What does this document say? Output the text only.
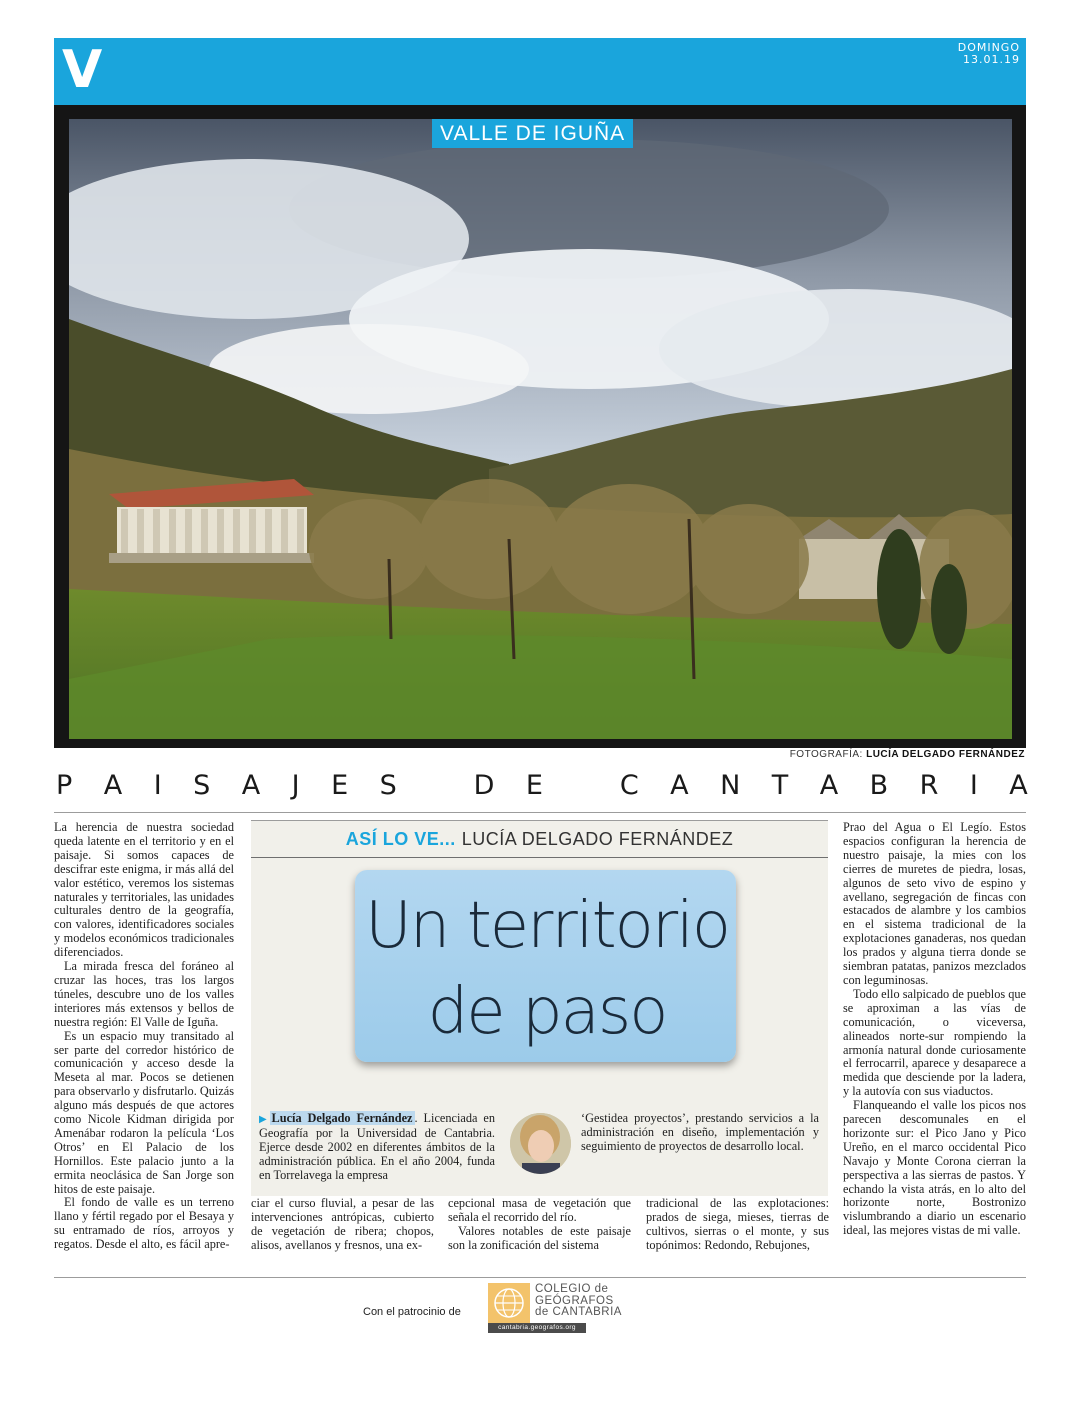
V	DOMINGO
13.01.19
VALLE DE IGUÑA
FOTOGRAFÍA: LUCÍA DELGADO FERNÁNDEZ
P A I S A J E S	D E	C A N T A B R I A

La herencia de nuestra sociedad queda latente en el territorio y en el paisaje. Si somos capaces de descifrar este enigma, ir más allá del valor estético, veremos los sistemas naturales y territoriales, las unidades culturales dentro de la geografía, con valores, identificadores sociales y modelos económicos tradicionales diferenciados.

La mirada fresca del foráneo al cruzar las hoces, tras los largos túneles, descubre uno de los valles interiores más extensos y bellos de nuestra región: El Valle de Iguña.

Es un espacio muy transitado al ser parte del corredor histórico de comunicación y acceso desde la Meseta al mar. Pocos se detienen para observarlo y disfrutarlo. Quizás alguno más después de que actores como Nicole Kidman dirigida por Amenábar rodaron la película ‘Los Otros’ en El Palacio de los Hornillos. Este palacio junto a la ermita neoclásica de San Jorge son hitos de este paisaje.

El fondo de valle es un terreno llano y fértil regado por el Besaya y su entramado de ríos, arroyos y regatos. Desde el alto, es fácil apre-

ASÍ LO VE... LUCÍA DELGADO FERNÁNDEZ
Un territorio
de paso
▶ Lucía Delgado Fernández . Licenciada en Geografía por la Universidad de Cantabria. Ejerce desde 2002 en diferentes ámbitos de la administración pública. En el año 2004, funda en Torrelavega la empresa
‘Gestidea proyectos’, prestando servicios a la administración en diseño, implementación y seguimiento de proyectos de desarrollo local.

ciar el curso fluvial, a pesar de las intervenciones antrópicas, cubierto de vegetación de ribera; chopos, alisos, avellanos y fresnos, una ex-

cepcional masa de vegetación que señala el recorrido del río.

Valores notables de este paisaje son la zonificación del sistema

tradicional de las explotaciones: prados de siega, mieses, tierras de cultivos, sierras o el monte, y sus topónimos: Redondo, Rebujones,

Prao del Agua o El Legío. Estos espacios configuran la herencia de nuestro paisaje, la mies con los cierres de muretes de piedra, losas, algunos de seto vivo de espino y avellano, segregación de fincas con estacados de alambre y los cambios en el sistema tradicional de la explotaciones ganaderas, nos quedan los prados y alguna tierra donde se siembran patatas, panizos mezclados con leguminosas.

Todo ello salpicado de pueblos que se aproximan a las vías de comunicación, o viceversa, alineados norte-sur rompiendo la armonía natural donde curiosamente el ferrocarril, aparece y desaparece a medida que desciende por la ladera, y la autovía con sus viaductos.

Flanqueando el valle los picos nos parecen descomunales en el horizonte sur: el Pico Jano y Pico Ureño, en el marco occidental Pico Navajo y Monte Corona cierran la perspectiva a las sierras de pastos. Y echando la vista atrás, en lo alto del horizonte norte, Bostronizo vislumbrando a diario un escenario ideal, las mejores vistas de mi valle.

Con el patrocinio de
COLEGIO de
GEÓGRAFOS
de CANTABRIA
cantabria.geografos.org
